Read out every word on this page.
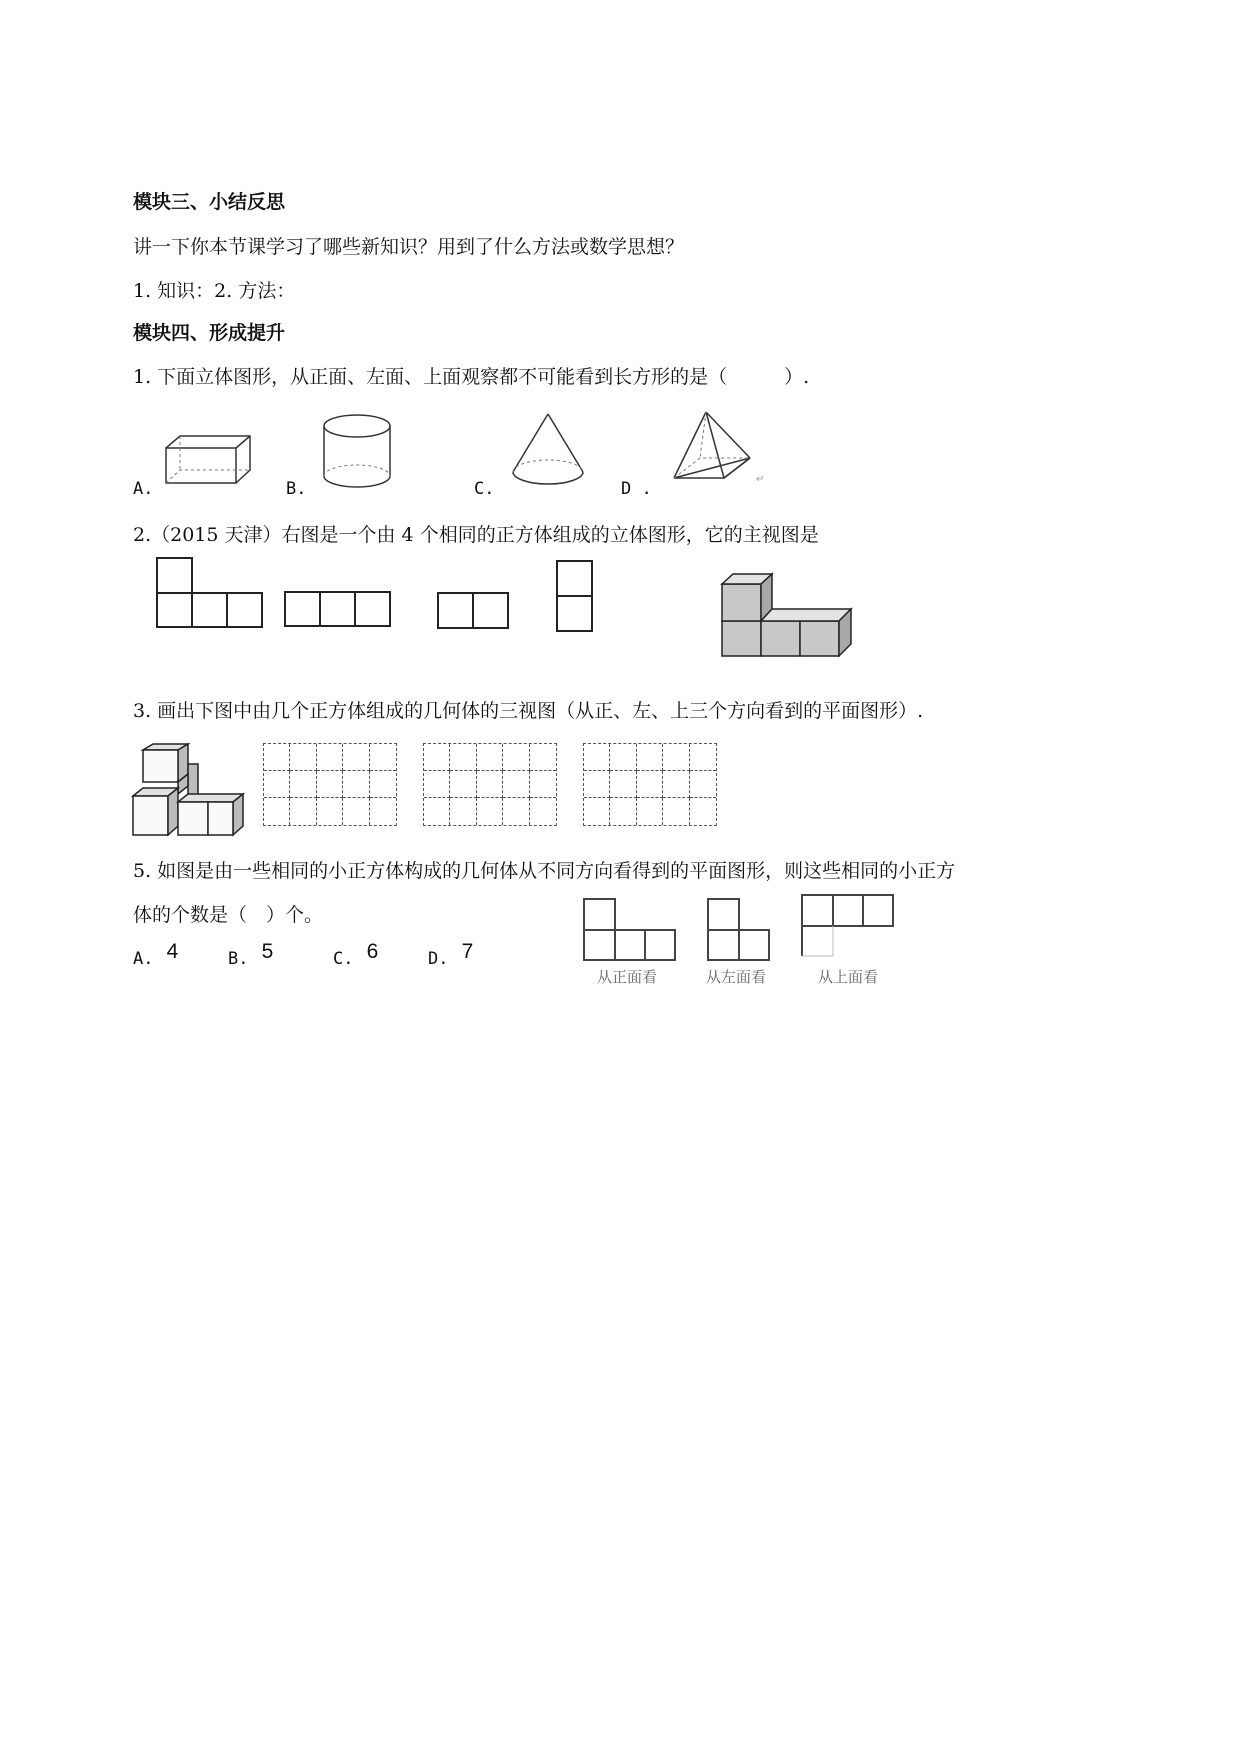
模块三、小结反思
讲一下你本节课学习了哪些新知识？用到了什么方法或数学思想？
1. 知识：2. 方法：
模块四、形成提升
1. 下面立体图形，从正面、左面、上面观察都不可能看到长方形的是（　　　）.
A.	B.	C.	D .	↵
2.（2015 天津）右图是一个由 4 个相同的正方体组成的立体图形，它的主视图是
3. 画出下图中由几个正方体组成的几何体的三视图（从正、左、上三个方向看到的平面图形）.
5. 如图是由一些相同的小正方体构成的几何体从不同方向看得到的平面图形，则这些相同的小正方
体的个数是（　）个。
A. 4	B. 5	C. 6	D. 7
从正面看	从左面看	从上面看
